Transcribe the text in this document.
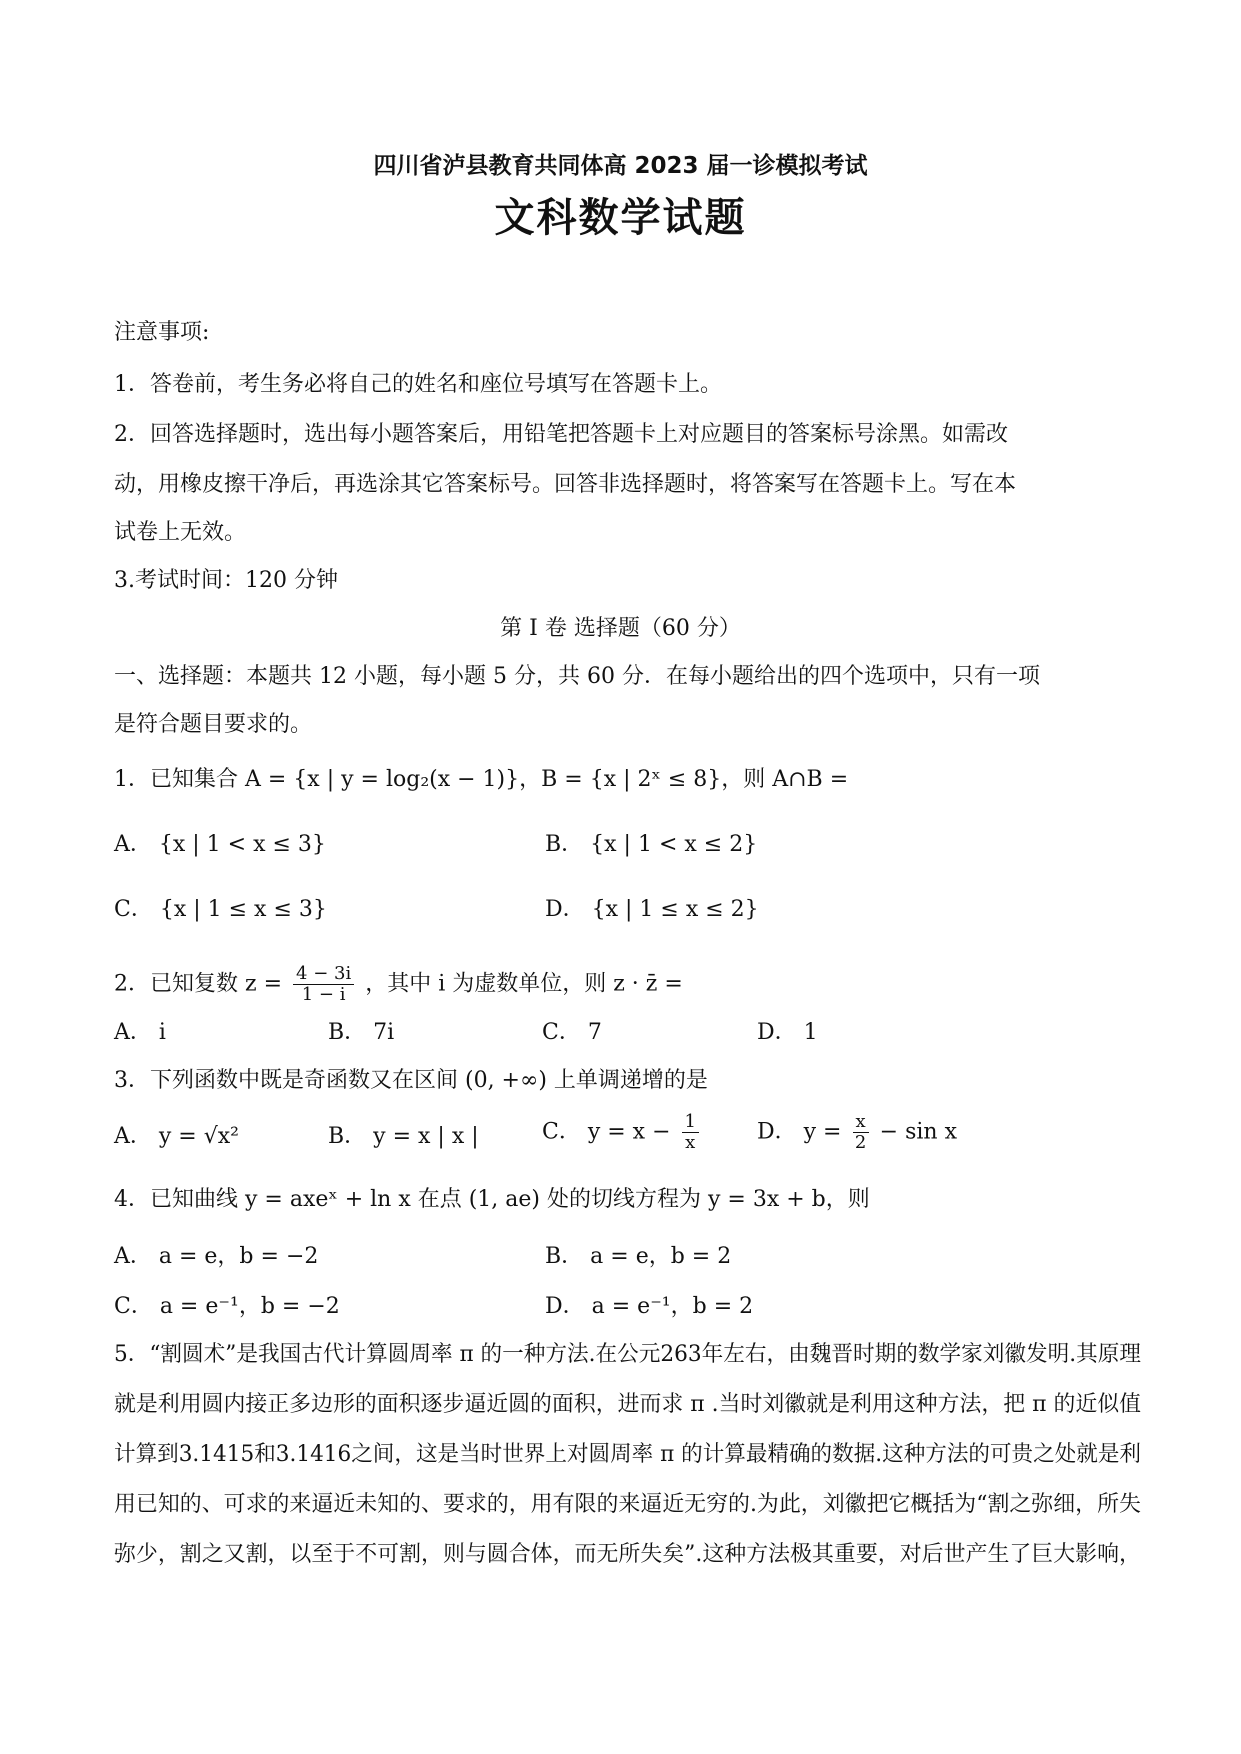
四川省泸县教育共同体高 2023 届一诊模拟考试
文科数学试题
注意事项:
1．答卷前，考生务必将自己的姓名和座位号填写在答题卡上。
2．回答选择题时，选出每小题答案后，用铅笔把答题卡上对应题目的答案标号涂黑。如需改
动，用橡皮擦干净后，再选涂其它答案标号。回答非选择题时，将答案写在答题卡上。写在本
试卷上无效。
3.考试时间：120 分钟
第 I 卷 选择题（60 分）
一、选择题：本题共 12 小题，每小题 5 分，共 60 分．在每小题给出的四个选项中，只有一项
是符合题目要求的。
1．已知集合 A = {x | y = log₂(x − 1)}，B = {x | 2ˣ ≤ 8}，则 A∩B =
A． {x | 1 < x ≤ 3}	B． {x | 1 < x ≤ 2}
C． {x | 1 ≤ x ≤ 3}	D． {x | 1 ≤ x ≤ 2}
2．已知复数 $z = \frac{4 - 3i}{1 - i}$ ，其中 i 为虚数单位，则 z · z̄ =
A． i	B． 7i	C． 7	D． 1
3．下列函数中既是奇函数又在区间 (0, +∞) 上单调递增的是
A． y = √x²	B． y = x | x |	C． $y = x - \frac{1}{x}$	D． $y = \frac{x}{2} - \sin x$
4．已知曲线 y = axeˣ + ln x 在点 (1, ae) 处的切线方程为 y = 3x + b，则
A． a = e，b = −2	B． a = e，b = 2
C． a = e⁻¹，b = −2	D． a = e⁻¹，b = 2
5．“割圆术”是我国古代计算圆周率 π 的一种方法.在公元263年左右，由魏晋时期的数学家刘徽发明.其原理
就是利用圆内接正多边形的面积逐步逼近圆的面积，进而求 π .当时刘徽就是利用这种方法，把 π 的近似值
计算到3.1415和3.1416之间，这是当时世界上对圆周率 π 的计算最精确的数据.这种方法的可贵之处就是利
用已知的、可求的来逼近未知的、要求的，用有限的来逼近无穷的.为此，刘徽把它概括为“割之弥细，所失
弥少，割之又割，以至于不可割，则与圆合体，而无所失矣”.这种方法极其重要，对后世产生了巨大影响，
